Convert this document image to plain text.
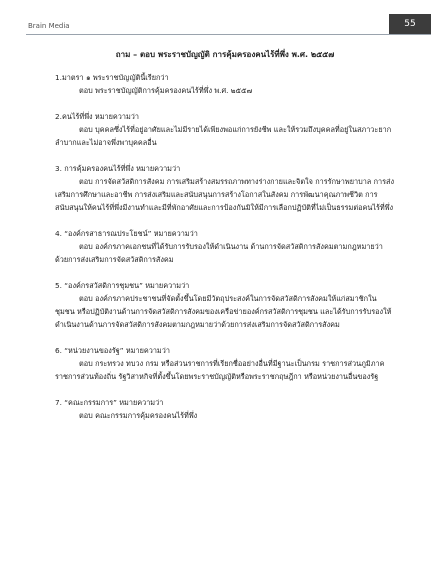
Brain Media	55
ถาม – ตอบ พระราชบัญญัติ การคุ้มครองคนไร้ที่พึ่ง พ.ศ. ๒๕๕๗
1.มาตรา ๑ พระราชบัญญัตินี้เรียกว่า
ตอบ พระราชบัญญัติการคุ้มครองคนไร้ที่พึ่ง พ.ศ. ๒๕๕๗
2.คนไร้ที่พึ่ง หมายความว่า
ตอบ บุคคลซึ่งไร้ที่อยู่อาศัยและไม่มีรายได้เพียงพอแก่การยังชีพ และให้รวมถึงบุคคลที่อยู่ในสภาวะยากลำบากและไม่อาจพึ่งพาบุคคลอื่น
3. การคุ้มครองคนไร้ที่พึ่ง หมายความว่า
ตอบ การจัดสวัสดิการสังคม การเสริมสร้างสมรรถภาพทางร่างกายและจิตใจ การรักษาพยาบาล การส่งเสริมการศึกษาและอาชีพ การส่งเสริมและสนับสนุนการสร้างโอกาสในสังคม การพัฒนาคุณภาพชีวิต การสนับสนุนให้คนไร้ที่พึ่งมีงานทำและมีที่พักอาศัยและการป้องกันมิให้มีการเลือกปฏิบัติที่ไม่เป็นธรรมต่อคนไร้ที่พึ่ง
4. “องค์กรสาธารณประโยชน์” หมายความว่า
ตอบ องค์กรภาคเอกชนที่ได้รับการรับรองให้ดำเนินงาน ด้านการจัดสวัสดิการสังคมตามกฎหมายว่าด้วยการส่งเสริมการจัดสวัสดิการสังคม
5. “องค์กรสวัสดิการชุมชน” หมายความว่า
ตอบ องค์กรภาคประชาชนที่จัดตั้งขึ้นโดยมีวัตถุประสงค์ในการจัดสวัสดิการสังคมให้แก่สมาชิกในชุมชน หรือปฏิบัติงานด้านการจัดสวัสดิการสังคมของเครือข่ายองค์กรสวัสดิการชุมชน และได้รับการรับรองให้ดำเนินงานด้านการจัดสวัสดิการสังคมตามกฎหมายว่าด้วยการส่งเสริมการจัดสวัสดิการสังคม
6. “หน่วยงานของรัฐ” หมายความว่า
ตอบ กระทรวง ทบวง กรม หรือส่วนราชการที่เรียกชื่ออย่างอื่นที่มีฐานะเป็นกรม ราชการส่วนภูมิภาค ราชการส่วนท้องถิ่น รัฐวิสาหกิจที่ตั้งขึ้นโดยพระราชบัญญัติหรือพระราชกฤษฎีกา หรือหน่วยงานอื่นของรัฐ
7. “คณะกรรมการ” หมายความว่า
ตอบ คณะกรรมการคุ้มครองคนไร้ที่พึ่ง
